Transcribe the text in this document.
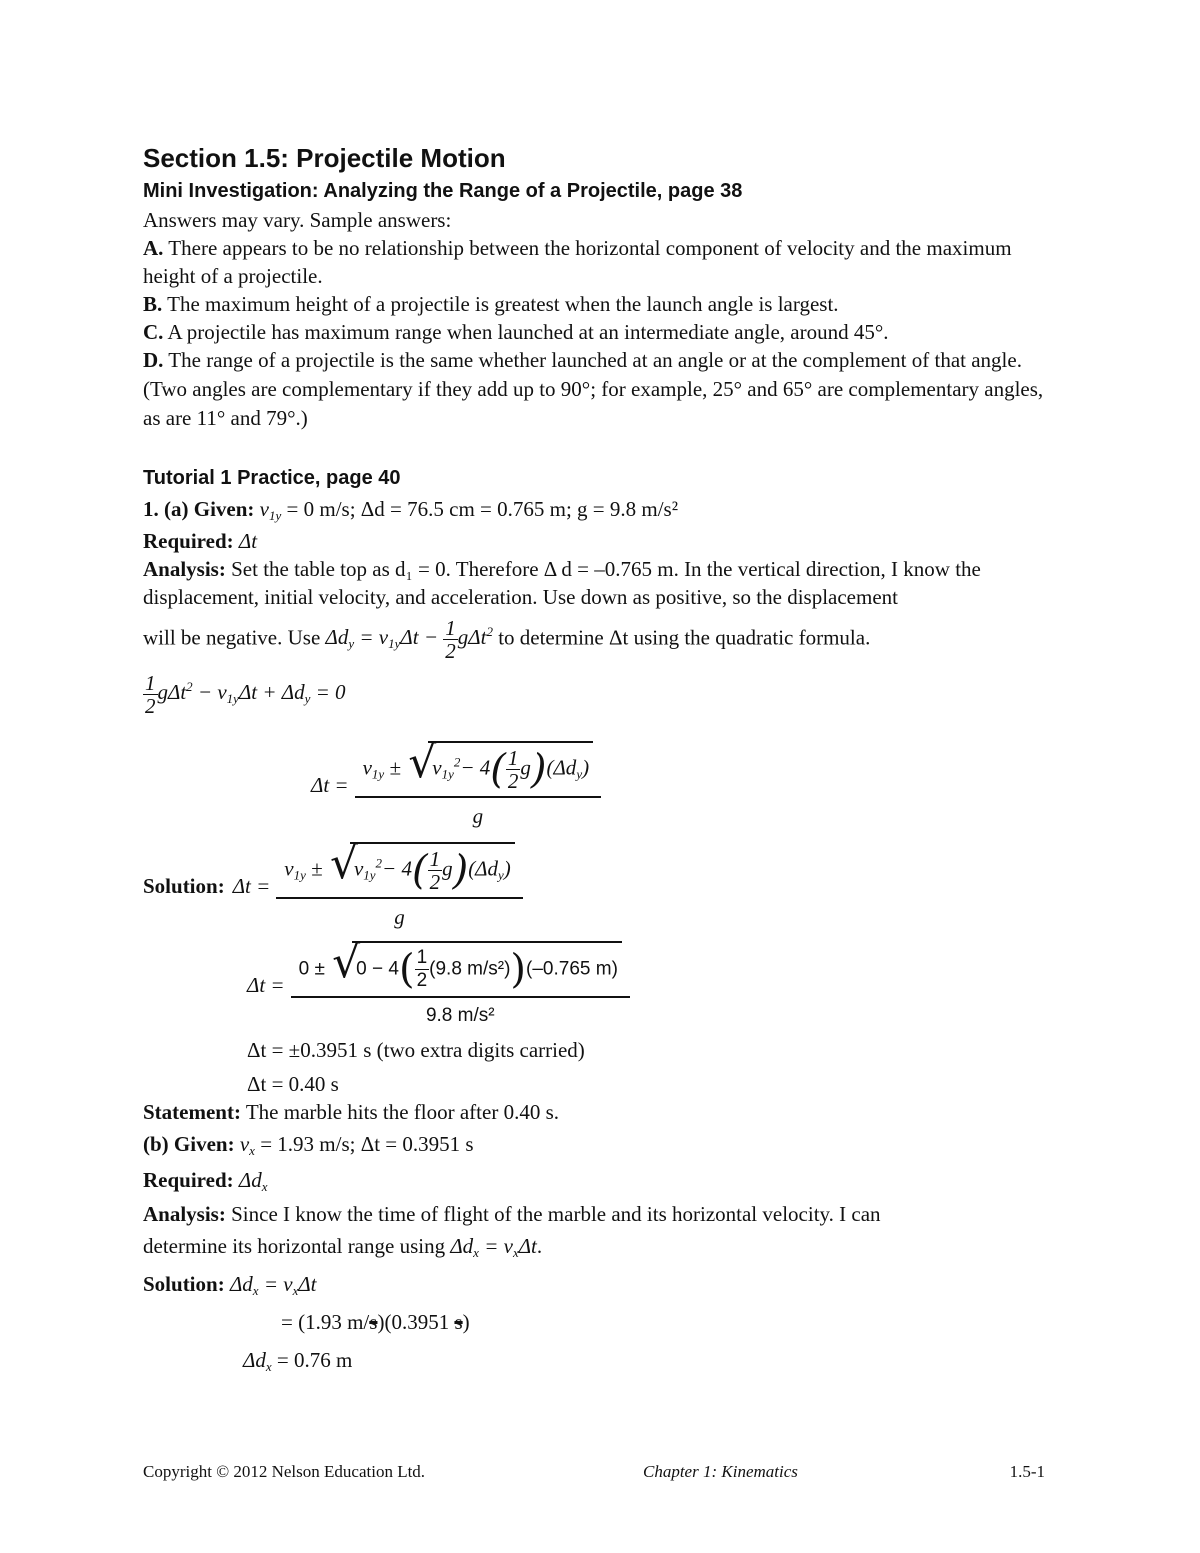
Section 1.5: Projectile Motion

Mini Investigation: Analyzing the Range of a Projectile, page 38

Answers may vary. Sample answers:

A. There appears to be no relationship between the horizontal component of velocity and the maximum height of a projectile.

B. The maximum height of a projectile is greatest when the launch angle is largest.

C. A projectile has maximum range when launched at an intermediate angle, around 45°.

D. The range of a projectile is the same whether launched at an angle or at the complement of that angle. (Two angles are complementary if they add up to 90°; for example, 25° and 65° are complementary angles, as are 11° and 79°.)

Tutorial 1 Practice, page 40

1. (a) Given: $v_{1y} = 0$ m/s; Δd = 76.5 cm = 0.765 m; g = 9.8 m/s²

Required: Δt

Analysis: Set the table top as d₁ = 0. Therefore Δ d = –0.765 m. In the vertical direction, I know the displacement, initial velocity, and acceleration. Use down as positive, so the displacement

will be negative. Use $\Delta d_y = v_{1y}\Delta t - \frac{1}{2} g\Delta t^2$ to determine Δt using the quadratic formula.

$\frac{1}{2} g\Delta t^2 - v_{1y}\Delta t + \Delta d_y = 0$

$\Delta t = \frac{v_{1y} \pm √ v_{1y}^2- 4( \frac{1}{2} g)(\Delta d_y)}{g}$
Solution: $\Delta t = \frac{v_{1y} \pm √ v_{1y}^2- 4( \frac{1}{2} g)(\Delta d_y)}{g}$
$\Delta t = \frac{0 \pm √ 0 - 4( \frac{1}{2} (9.8 m/s^2))(-0.765 m)}{\text{9.8 m/s²}}$

Δt = ±0.3951 s (two extra digits carried)

Δt = 0.40 s

Statement: The marble hits the floor after 0.40 s.

(b) Given: $v_x = 1.93$ m/s; Δt = 0.3951 s

Required: $\Delta d_x$

Analysis: Since I know the time of flight of the marble and its horizontal velocity. I can

determine its horizontal range using $\Delta d_x = v_x\Delta t$.

Solution: $\Delta d_x = v_x\Delta t$

= (1.93 m/s)(0.3951 s)

$\Delta d_x = 0.76$ m

Copyright © 2012 Nelson Education Ltd.	Chapter 1: Kinematics	1.5-1
